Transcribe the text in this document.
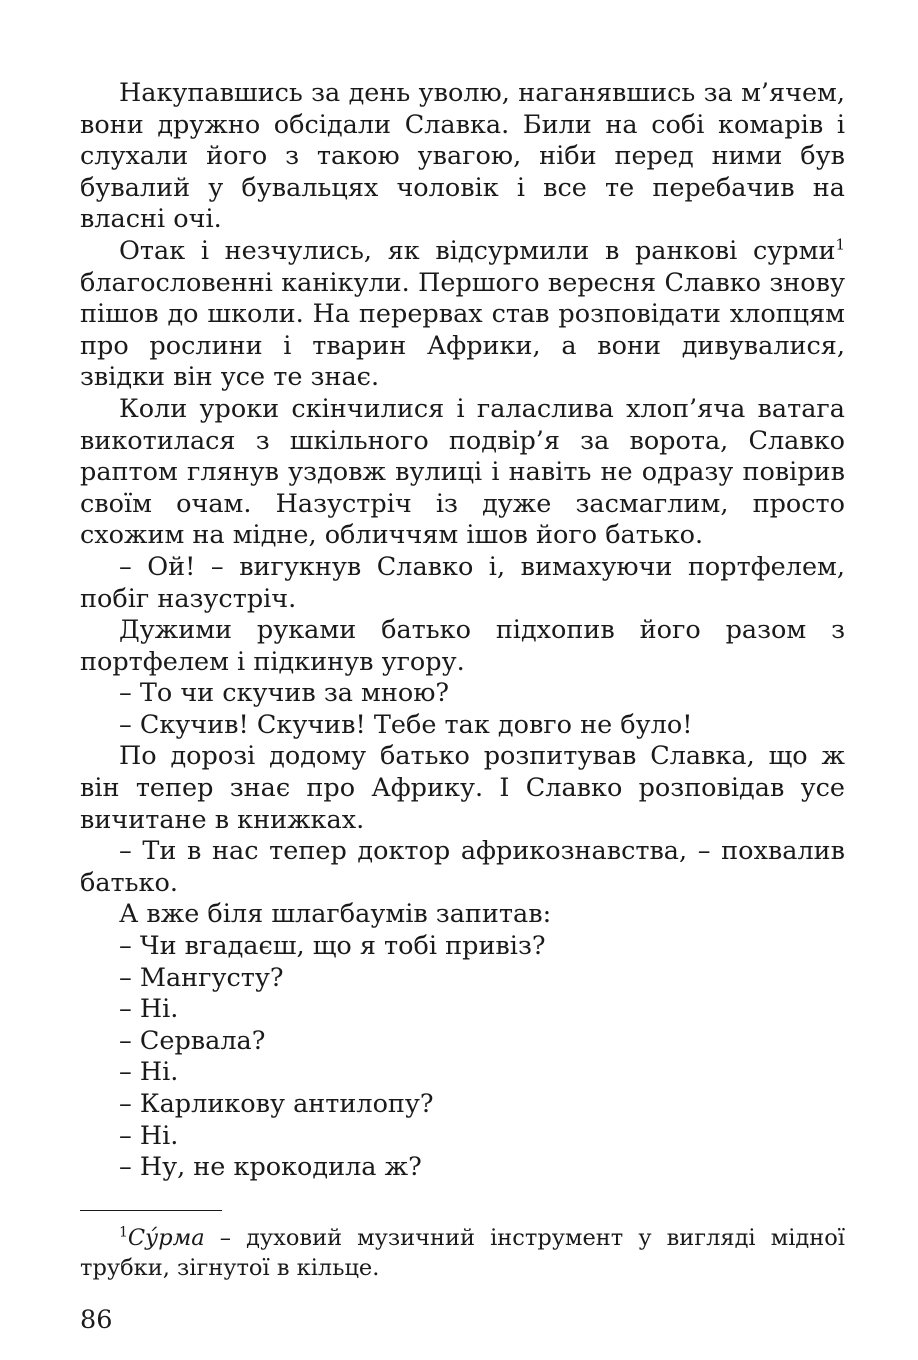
Накупавшись за день уволю, наганявшись за м’ячем, вони дружно обсідали Славка. Били на собі комарів і слухали його з такою увагою, ніби перед ними був бувалий у бувальцях чоловік і все те перебачив на власні очі.

Отак і незчулись, як відсурмили в ранкові сурми$^1$ благословенні канікули. Першого вересня Славко знову пішов до школи. На перервах став розповідати хлопцям про рослини і тварин Африки, а вони дивувалися, звідки він усе те знає.

Коли уроки скінчилися і галаслива хлоп’яча ватага викотилася з шкільного подвір’я за ворота, Славко раптом глянув уздовж вулиці і навіть не одразу повірив своїм очам. Назустріч із дуже засмаглим, просто схожим на мідне, обличчям ішов його батько.

– Ой! – вигукнув Славко і, вимахуючи портфелем, побіг назустріч.

Дужими руками батько підхопив його разом з портфелем і підкинув угору.

– То чи скучив за мною?

– Скучив! Скучив! Тебе так довго не було!

По дорозі додому батько розпитував Славка, що ж він тепер знає про Африку. І Славко розповідав усе вичитане в книжках.

– Ти в нас тепер доктор африкознавства, – похвалив батько.

А вже біля шлагбаумів запитав:

– Чи вгадаєш, що я тобі привіз?

– Мангусту?

– Ні.

– Сервала?

– Ні.

– Карликову антилопу?

– Ні.

– Ну, не крокодила ж?

$^1$Су́рма – духовий музичний інструмент у вигляді мідної трубки, зігнутої в кільце.
86
